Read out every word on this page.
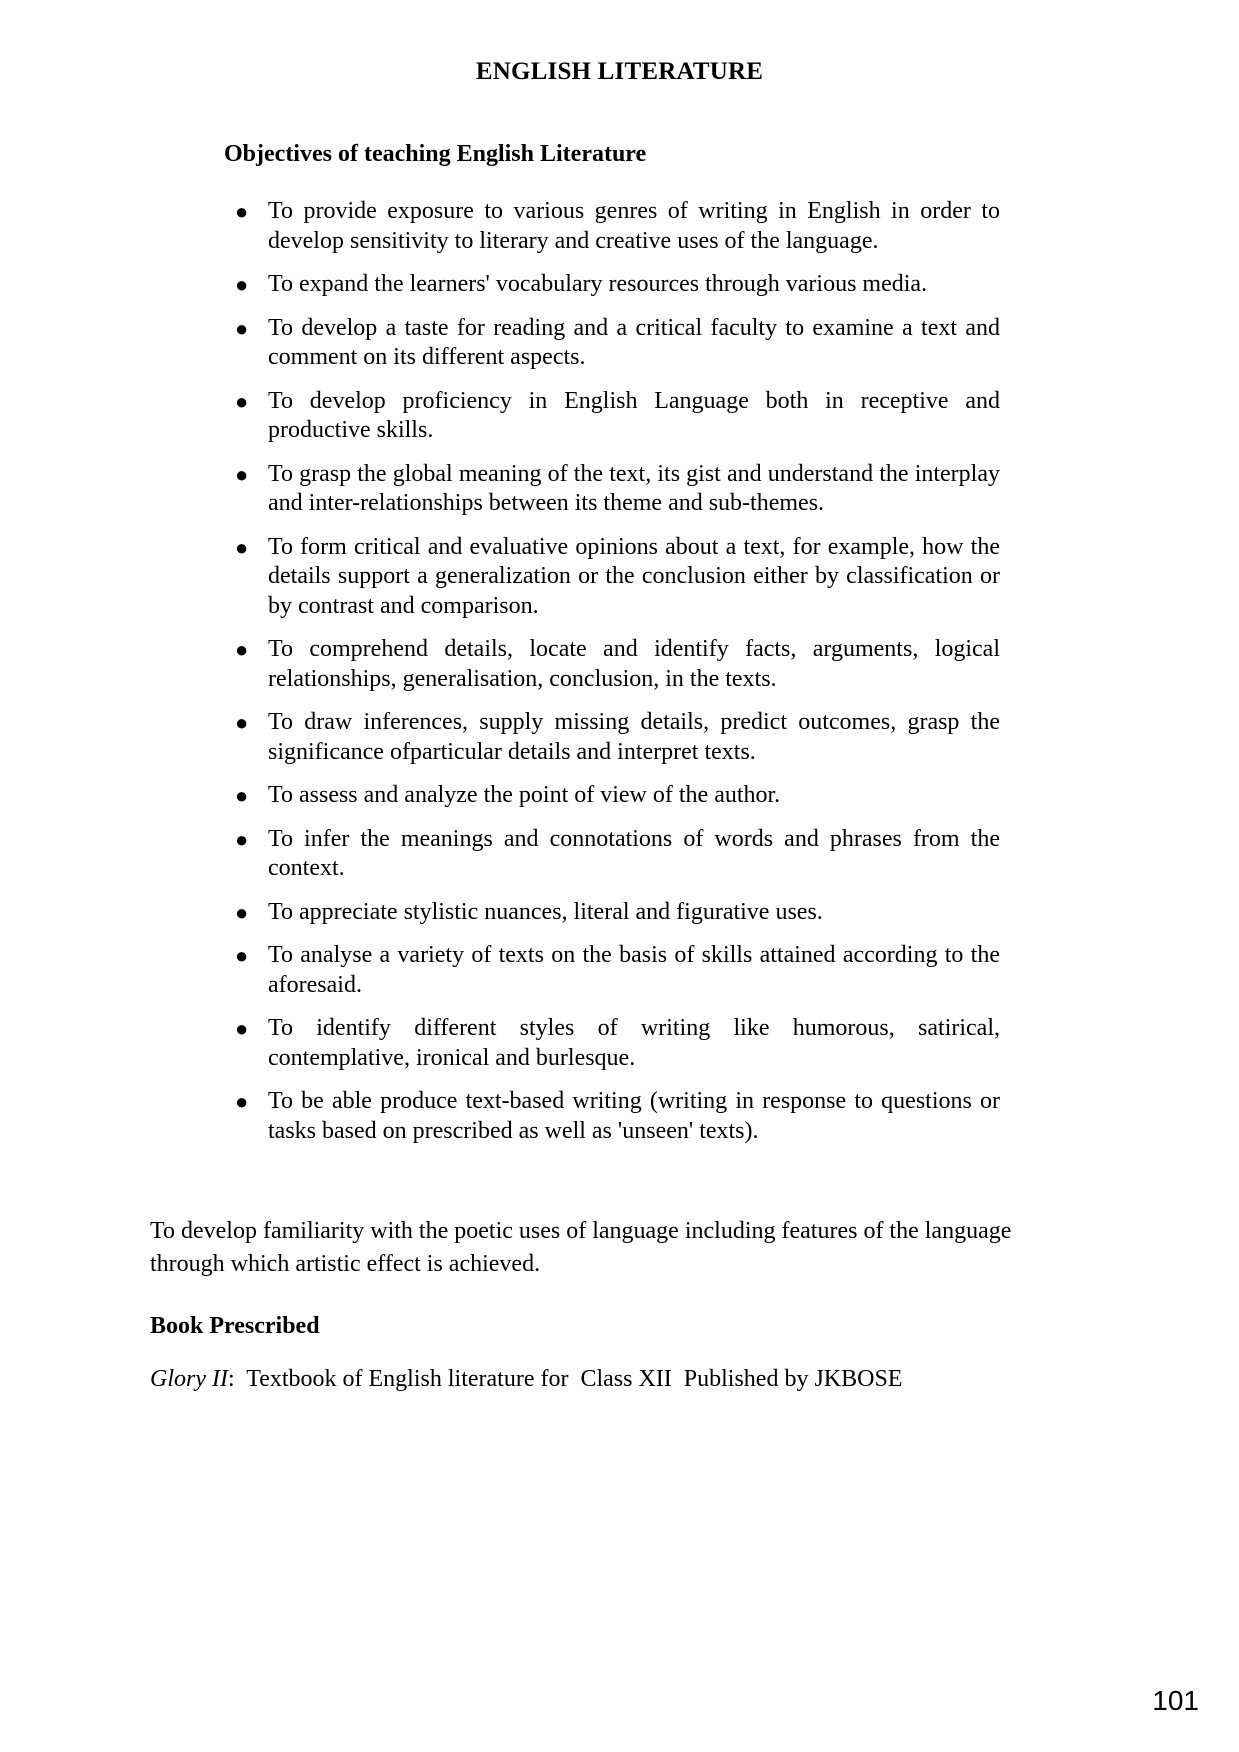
ENGLISH LITERATURE
Objectives of teaching English Literature
● To provide exposure to various genres of writing in English in order to develop sensitivity to literary and creative uses of the language.
● To expand the learners' vocabulary resources through various media.
● To develop a taste for reading and a critical faculty to examine a text and comment on its different aspects.
● To develop proficiency in English Language both in receptive and productive skills.
● To grasp the global meaning of the text, its gist and understand the interplay and inter-relationships between its theme and sub-themes.
● To form critical and evaluative opinions about a text, for example, how the details support a generalization or the conclusion either by classification or by contrast and comparison.
● To comprehend details, locate and identify facts, arguments, logical relationships, generalisation, conclusion, in the texts.
● To draw inferences, supply missing details, predict outcomes, grasp the significance ofparticular details and interpret texts.
● To assess and analyze the point of view of the author.
● To infer the meanings and connotations of words and phrases from the context.
● To appreciate stylistic nuances, literal and figurative uses.
● To analyse a variety of texts on the basis of skills attained according to the aforesaid.
● To identify different styles of writing like humorous, satirical, contemplative, ironical and burlesque.
● To be able produce text-based writing (writing in response to questions or tasks based on prescribed as well as 'unseen' texts).

To develop familiarity with the poetic uses of language including features of the language through which artistic effect is achieved.

Book Prescribed
Glory II:  Textbook of English literature for  Class XII  Published by JKBOSE
101
